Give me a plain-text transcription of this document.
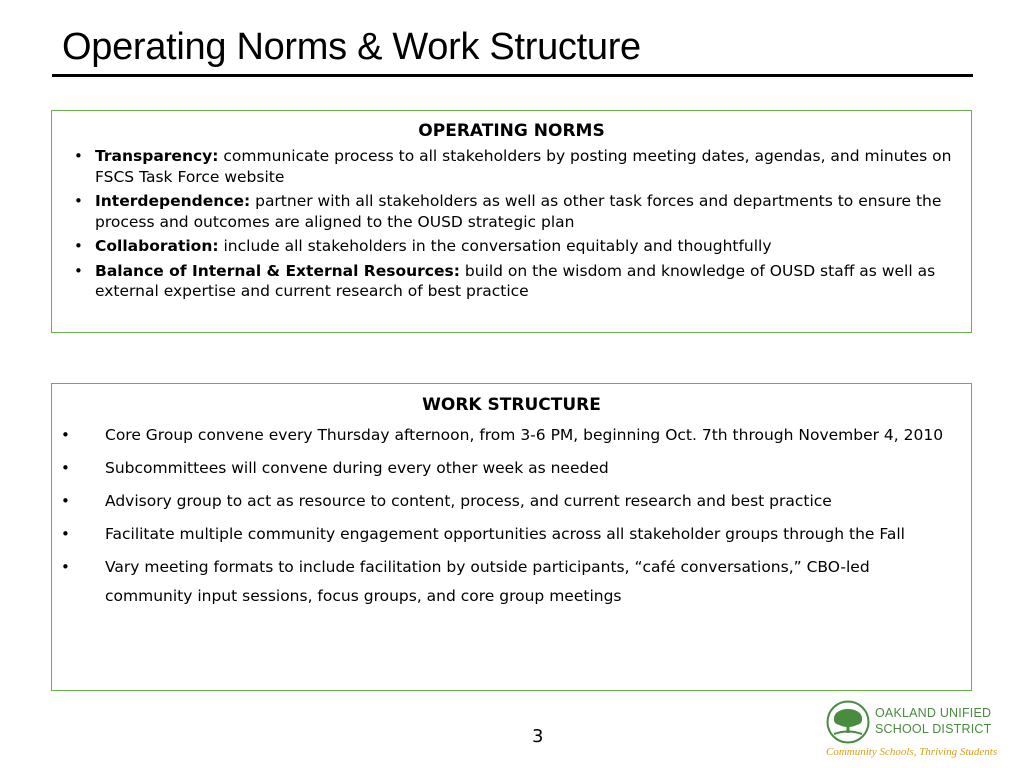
Operating Norms & Work Structure
OPERATING NORMS
• Transparency: communicate process to all stakeholders by posting meeting dates, agendas, and minutes on FSCS Task Force website
• Interdependence: partner with all stakeholders as well as other task forces and departments to ensure the process and outcomes are aligned to the OUSD strategic plan
• Collaboration: include all stakeholders in the conversation equitably and thoughtfully
• Balance of Internal & External Resources: build on the wisdom and knowledge of OUSD staff as well as external expertise and current research of best practice
WORK STRUCTURE
• Core Group convene every Thursday afternoon, from 3-6 PM, beginning Oct. 7th through November 4, 2010
• Subcommittees will convene during every other week as needed
• Advisory group to act as resource to content, process, and current research and best practice
• Facilitate multiple community engagement opportunities across all stakeholder groups through the Fall
• Vary meeting formats to include facilitation by outside participants, “café conversations,” CBO-led community input sessions, focus groups, and core group meetings
3
OAKLAND UNIFIED
SCHOOL DISTRICT
Community Schools, Thriving Students
